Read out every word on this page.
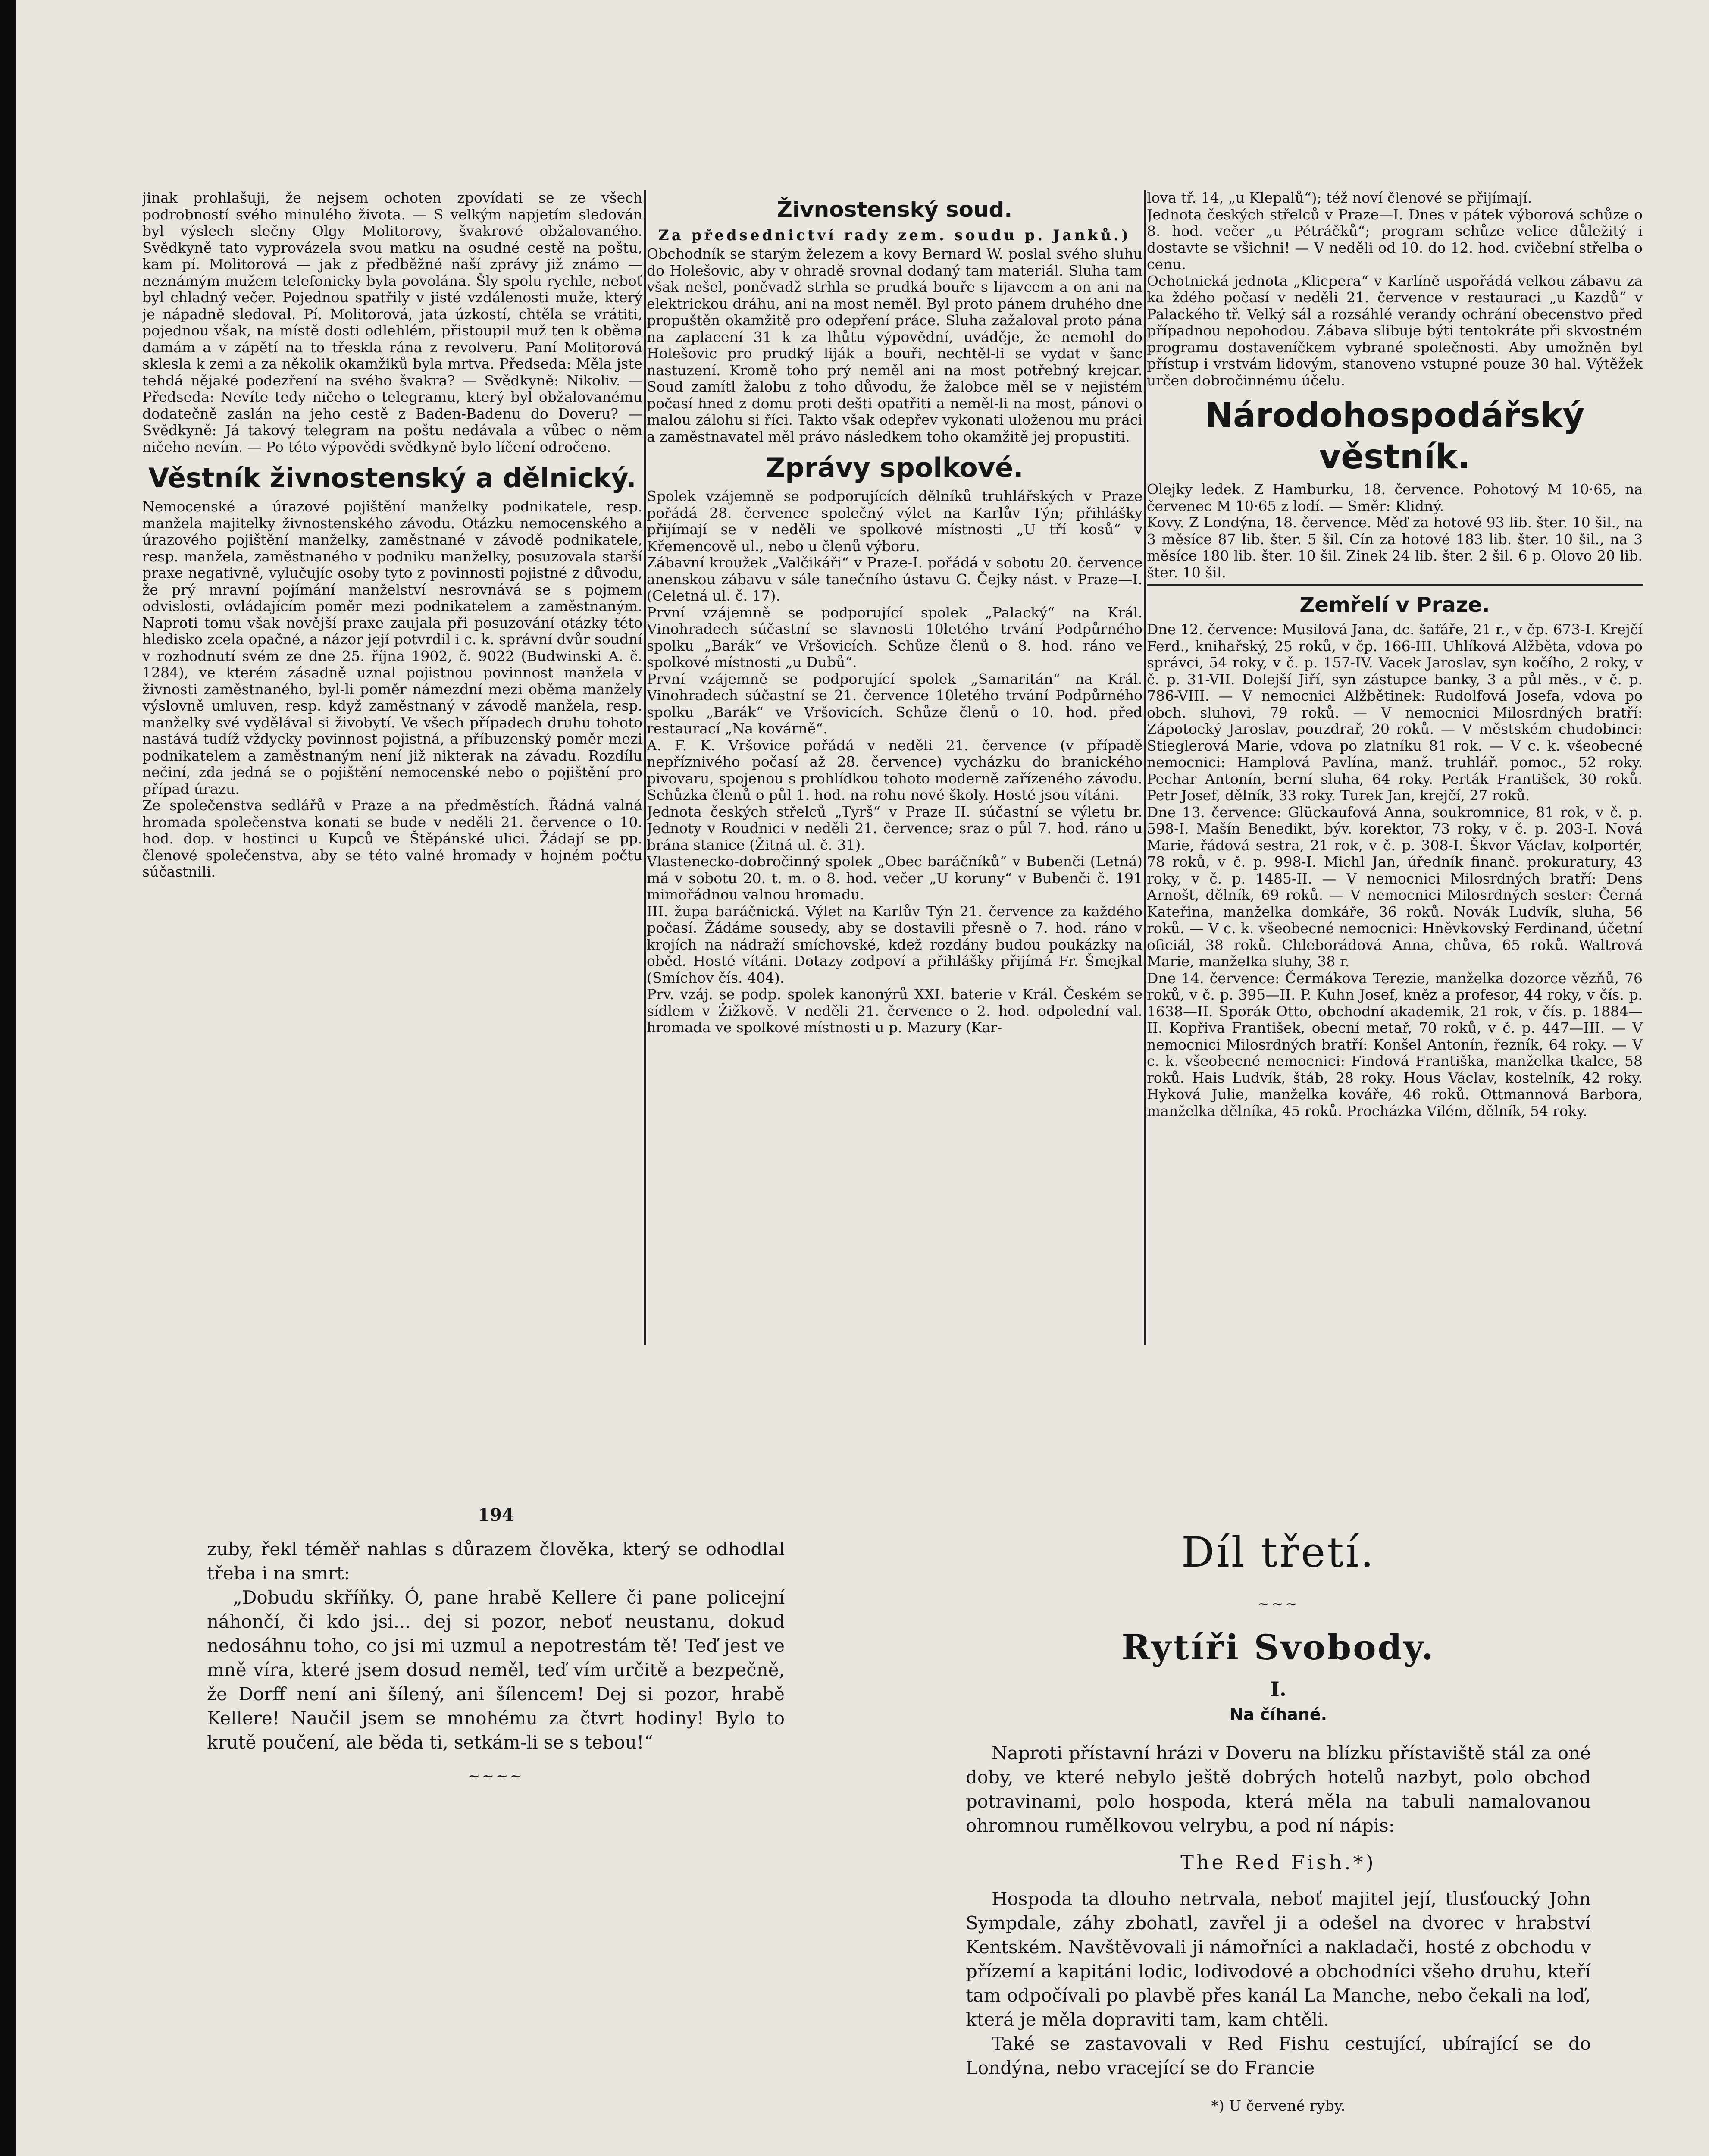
jinak prohlašuji, že nejsem ochoten zpovídati se ze všech podrobností svého minulého života. — S velkým napjetím sledován byl výslech slečny Olgy Molitorovy, švakrové obžalovaného. Svědkyně tato vyprovázela svou matku na osudné cestě na poštu, kam pí. Molitorová — jak z předběžné naší zprávy již známo — neznámým mužem telefonicky byla povolána. Šly spolu rychle, neboť byl chladný večer. Pojednou spatřily v jisté vzdálenosti muže, který je nápadně sledoval. Pí. Molitorová, jata úzkostí, chtěla se vrátiti, pojednou však, na místě dosti odlehlém, přistoupil muž ten k oběma damám a v zápětí na to třeskla rána z revolveru. Paní Molitorová sklesla k zemi a za několik okamžiků byla mrtva. Předseda: Měla jste tehdá nějaké podezření na svého švakra? — Svědkyně: Nikoliv. — Předseda: Nevíte tedy ničeho o telegramu, který byl obžalovanému dodatečně zaslán na jeho cestě z Baden-Badenu do Doveru? — Svědkyně: Já takový telegram na poštu nedávala a vůbec o něm ničeho nevím. — Po této výpovědi svědkyně bylo líčení odročeno.

Věstník živnostenský a dělnický.

Nemocenské a úrazové pojištění manželky podnikatele, resp. manžela majitelky živnostenského závodu. Otázku nemocenského a úrazového pojištění manželky, zaměstnané v závodě podnikatele, resp. manžela, zaměstnaného v podniku manželky, posuzovala starší praxe negativně, vylučujíc osoby tyto z povinnosti pojistné z důvodu, že prý mravní pojímání manželství nesrovnává se s pojmem odvislosti, ovládajícím poměr mezi podnikatelem a zaměstnaným. Naproti tomu však novější praxe zaujala při posuzování otázky této hledisko zcela opačné, a názor její potvrdil i c. k. správní dvůr soudní v rozhodnutí svém ze dne 25. října 1902, č. 9022 (Budwinski A. č. 1284), ve kterém zásadně uznal pojistnou povinnost manžela v živnosti zaměstnaného, byl-li poměr námezdní mezi oběma manžely výslovně umluven, resp. když zaměstnaný v závodě manžela, resp. manželky své vydělával si živobytí. Ve všech případech druhu tohoto nastává tudíž vždycky povinnost pojistná, a příbuzenský poměr mezi podnikatelem a zaměstnaným není již nikterak na závadu. Rozdílu nečiní, zda jedná se o pojištění nemocenské nebo o pojištění pro případ úrazu.

Ze společenstva sedlářů v Praze a na předměstích. Řádná valná hromada společenstva konati se bude v neděli 21. července o 10. hod. dop. v hostinci u Kupců ve Štěpánské ulici. Žádají se pp. členové společenstva, aby se této valné hromady v hojném počtu súčastnili.

Živnostenský soud.
Za předsednictví rady zem. soudu p. Janků.)

Obchodník se starým železem a kovy Bernard W. poslal svého sluhu do Holešovic, aby v ohradě srovnal dodaný tam materiál. Sluha tam však nešel, poněvadž strhla se prudká bouře s lijavcem a on ani na elektrickou dráhu, ani na most neměl. Byl proto pánem druhého dne propuštěn okamžitě pro odepření práce. Sluha zažaloval proto pána na zaplacení 31 k za lhůtu výpovědní, uváděje, že nemohl do Holešovic pro prudký liják a bouři, nechtěl-li se vydat v šanc nastuzení. Kromě toho prý neměl ani na most potřebný krejcar. Soud zamítl žalobu z toho důvodu, že žalobce měl se v nejistém počasí hned z domu proti dešti opatřiti a neměl-li na most, pánovi o malou zálohu si říci. Takto však odepřev vykonati uloženou mu práci a zaměstnavatel měl právo následkem toho okamžitě jej propustiti.

Zprávy spolkové.

Spolek vzájemně se podporujících dělníků truhlářských v Praze pořádá 28. července společný výlet na Karlův Týn; přihlášky přijímají se v neděli ve spolkové místnosti „U tří kosů“ v Křemencově ul., nebo u členů výboru.

Zábavní kroužek „Valčikáři“ v Praze-I. pořádá v sobotu 20. července anenskou zábavu v sále tanečního ústavu G. Čejky nást. v Praze—I. (Celetná ul. č. 17).

První vzájemně se podporující spolek „Palacký“ na Král. Vinohradech súčastní se slavnosti 10letého trvání Podpůrného spolku „Barák“ ve Vršovicích. Schůze členů o 8. hod. ráno ve spolkové místnosti „u Dubů“.

První vzájemně se podporující spolek „Samaritán“ na Král. Vinohradech súčastní se 21. července 10letého trvání Podpůrného spolku „Barák“ ve Vršovicích. Schůze členů o 10. hod. před restaurací „Na kovárně“.

A. F. K. Vršovice pořádá v neděli 21. července (v případě nepříznivého počasí až 28. července) vycházku do branického pivovaru, spojenou s prohlídkou tohoto moderně zařízeného závodu. Schůzka členů o půl 1. hod. na rohu nové školy. Hosté jsou vítáni.

Jednota českých střelců „Tyrš“ v Praze II. súčastní se výletu br. Jednoty v Roudnici v neděli 21. července; sraz o půl 7. hod. ráno u brána stanice (Žitná ul. č. 31).

Vlastenecko-dobročinný spolek „Obec baráčníků“ v Bubenči (Letná) má v sobotu 20. t. m. o 8. hod. večer „U koruny“ v Bubenči č. 191 mimořádnou valnou hromadu.

III. župa baráčnická. Výlet na Karlův Týn 21. července za každého počasí. Žádáme sousedy, aby se dostavili přesně o 7. hod. ráno v krojích na nádraží smíchovské, kdež rozdány budou poukázky na oběd. Hosté vítáni. Dotazy zodpoví a přihlášky přijímá Fr. Šmejkal (Smíchov čís. 404).

Prv. vzáj. se podp. spolek kanonýrů XXI. baterie v Král. Českém se sídlem v Žižkově. V neděli 21. července o 2. hod. odpolední val. hromada ve spolkové místnosti u p. Mazury (Kar-

lova tř. 14, „u Klepalů“); též noví členové se přijímají.

Jednota českých střelců v Praze—I. Dnes v pátek výborová schůze o 8. hod. večer „u Pétráčků“; program schůze velice důležitý i dostavte se všichni! — V neděli od 10. do 12. hod. cvičební střelba o cenu.

Ochotnická jednota „Klicpera“ v Karlíně uspořádá velkou zábavu za ka ždého počasí v neděli 21. července v restauraci „u Kazdů“ v Palackého tř. Velký sál a rozsáhlé verandy ochrání obecenstvo před případnou nepohodou. Zábava slibuje býti tentokráte při skvostném programu dostaveníčkem vybrané společnosti. Aby umožněn byl přístup i vrstvám lidovým, stanoveno vstupné pouze 30 hal. Výtěžek určen dobročinnému účelu.

Národohospodářský věstník.

Olejky ledek. Z Hamburku, 18. července. Pohotový M 10·65, na červenec M 10·65 z lodí. — Směr: Klidný.

Kovy. Z Londýna, 18. července. Měď za hotové 93 lib. šter. 10 šil., na 3 měsíce 87 lib. šter. 5 šil. Cín za hotové 183 lib. šter. 10 šil., na 3 měsíce 180 lib. šter. 10 šil. Zinek 24 lib. šter. 2 šil. 6 p. Olovo 20 lib. šter. 10 šil.

Zemřelí v Praze.

Dne 12. července: Musilová Jana, dc. šafáře, 21 r., v čp. 673-I. Krejčí Ferd., knihařský, 25 roků, v čp. 166-III. Uhlíková Alžběta, vdova po správci, 54 roky, v č. p. 157-IV. Vacek Jaroslav, syn kočího, 2 roky, v č. p. 31-VII. Dolejší Jiří, syn zástupce banky, 3 a půl měs., v č. p. 786-VIII. — V nemocnici Alžbětinek: Rudolfová Josefa, vdova po obch. sluhovi, 79 roků. — V nemocnici Milosrdných bratří: Zápotocký Jaroslav, pouzdrař, 20 roků. — V městském chudobinci: Stieglerová Marie, vdova po zlatníku 81 rok. — V c. k. všeobecné nemocnici: Hamplová Pavlína, manž. truhlář. pomoc., 52 roky. Pechar Antonín, berní sluha, 64 roky. Perták František, 30 roků. Petr Josef, dělník, 33 roky. Turek Jan, krejčí, 27 roků.

Dne 13. července: Glückaufová Anna, soukromnice, 81 rok, v č. p. 598-I. Mašín Benedikt, býv. korektor, 73 roky, v č. p. 203-I. Nová Marie, řádová sestra, 21 rok, v č. p. 308-I. Škvor Václav, kolportér, 78 roků, v č. p. 998-I. Michl Jan, úředník finanč. prokuratury, 43 roky, v č. p. 1485-II. — V nemocnici Milosrdných bratří: Dens Arnošt, dělník, 69 roků. — V nemocnici Milosrdných sester: Černá Kateřina, manželka domkáře, 36 roků. Novák Ludvík, sluha, 56 roků. — V c. k. všeobecné nemocnici: Hněvkovský Ferdinand, účetní oficiál, 38 roků. Chleborádová Anna, chůva, 65 roků. Waltrová Marie, manželka sluhy, 38 r.

Dne 14. července: Čermákova Terezie, manželka dozorce vězňů, 76 roků, v č. p. 395—II. P. Kuhn Josef, kněz a profesor, 44 roky, v čís. p. 1638—II. Sporák Otto, obchodní akademik, 21 rok, v čís. p. 1884—II. Kopřiva František, obecní metař, 70 roků, v č. p. 447—III. — V nemocnici Milosrdných bratří: Konšel Antonín, řezník, 64 roky. — V c. k. všeobecné nemocnici: Findová Františka, manželka tkalce, 58 roků. Hais Ludvík, štáb, 28 roky. Hous Václav, kostelník, 42 roky. Hyková Julie, manželka kováře, 46 roků. Ottmannová Barbora, manželka dělníka, 45 roků. Procházka Vilém, dělník, 54 roky.

194

zuby, řekl téměř nahlas s důrazem člověka, který se odhodlal třeba i na smrt:

„Dobudu skříňky. Ó, pane hrabě Kellere či pane policejní náhončí, či kdo jsi... dej si pozor, neboť neustanu, dokud nedosáhnu toho, co jsi mi uzmul a nepotrestám tě! Teď jest ve mně víra, které jsem dosud neměl, teď vím určitě a bezpečně, že Dorff není ani šílený, ani šílencem! Dej si pozor, hrabě Kellere! Naučil jsem se mnohému za čtvrt hodiny! Bylo to krutě poučení, ale běda ti, setkám-li se s tebou!“

~~~~
Díl třetí.
~~~
Rytíři Svobody.
I.
Na číhané.

Naproti přístavní hrázi v Doveru na blízku přístaviště stál za oné doby, ve které nebylo ještě dobrých hotelů nazbyt, polo obchod potravinami, polo hospoda, která měla na tabuli namalovanou ohromnou rumělkovou velrybu, a pod ní nápis:

The Red Fish.*)

Hospoda ta dlouho netrvala, neboť majitel její, tlusťoucký John Sympdale, záhy zbohatl, zavřel ji a odešel na dvorec v hrabství Kentském. Navštěvovali ji námořníci a nakladači, hosté z obchodu v přízemí a kapitáni lodic, lodivodové a obchodníci všeho druhu, kteří tam odpočívali po plavbě přes kanál La Manche, nebo čekali na loď, která je měla dopraviti tam, kam chtěli.

Také se zastavovali v Red Fishu cestující, ubírající se do Londýna, nebo vracející se do Francie

*) U červené ryby.
